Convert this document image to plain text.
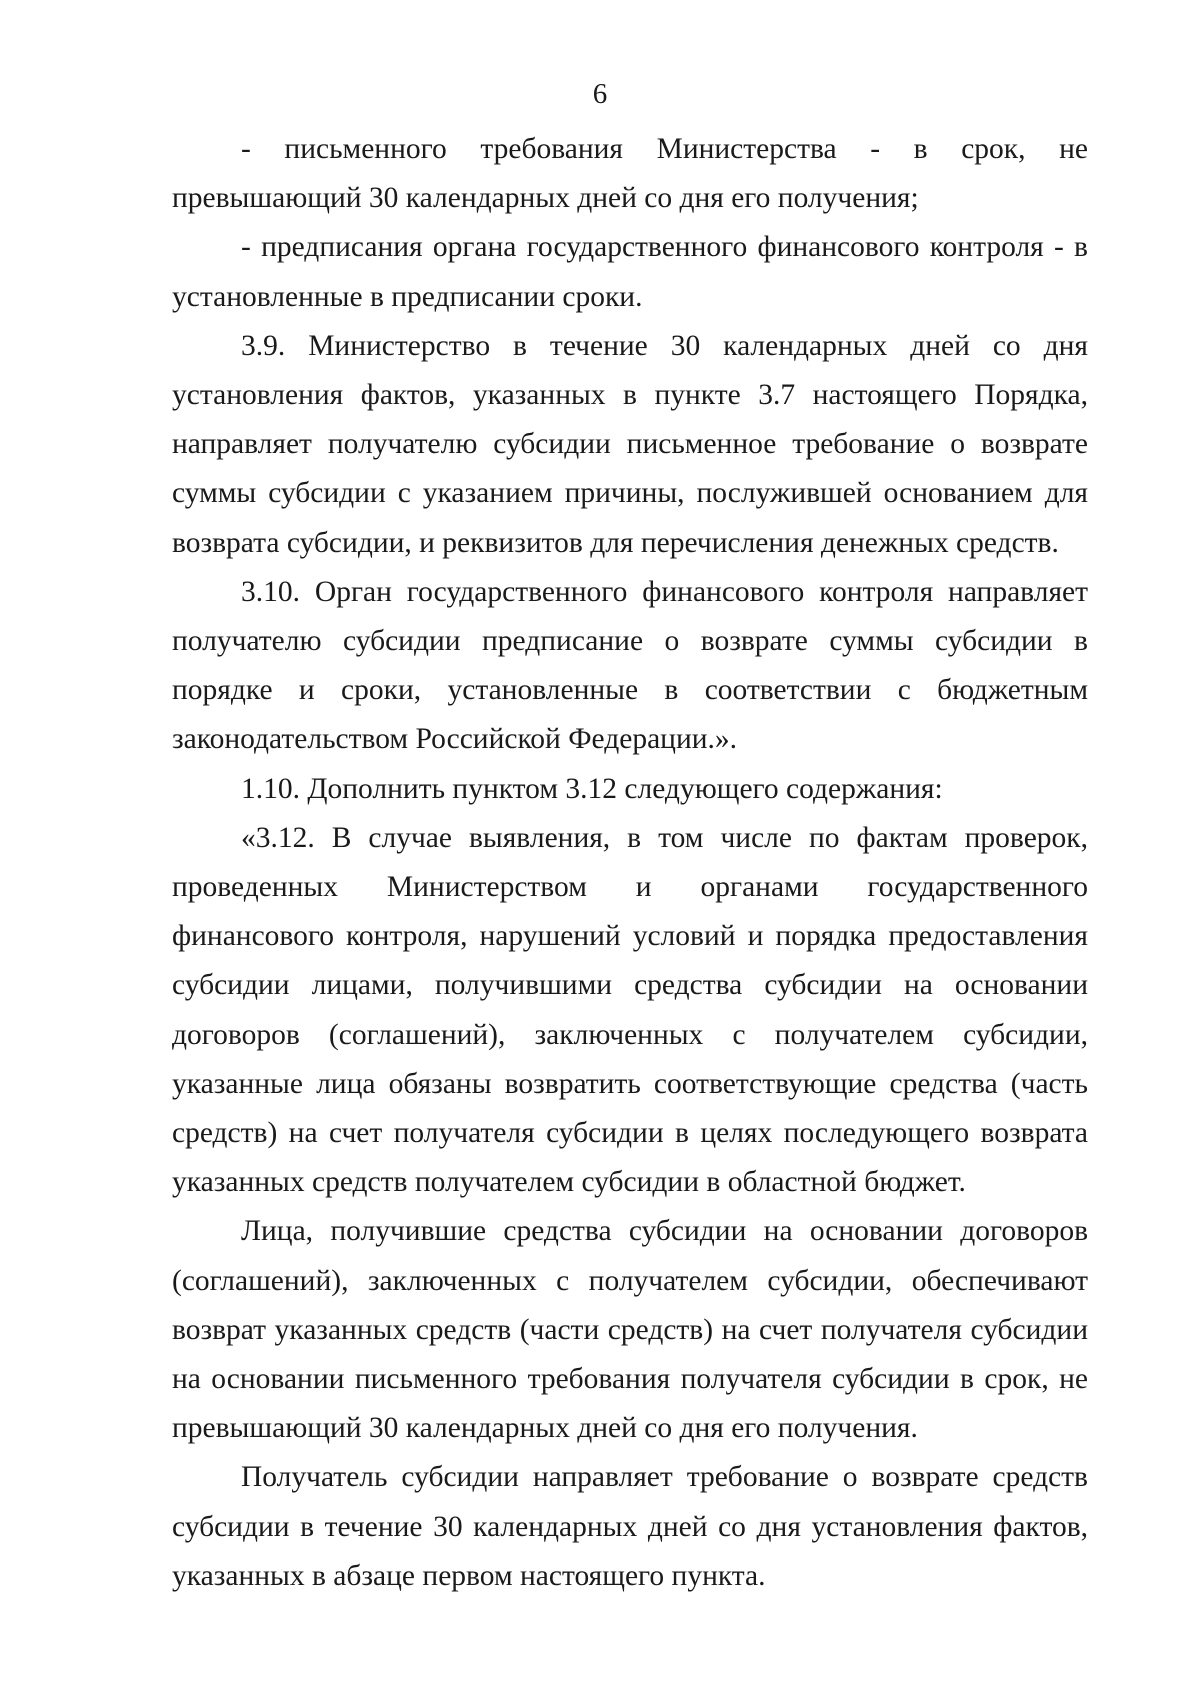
6

- письменного требования Министерства - в срок, не превышающий 30 календарных дней со дня его получения;

- предписания органа государственного финансового контроля - в установленные в предписании сроки.

3.9. Министерство в течение 30 календарных дней со дня установления фактов, указанных в пункте 3.7 настоящего Порядка, направляет получателю субсидии письменное требование о возврате суммы субсидии с указанием причины, послужившей основанием для возврата субсидии, и реквизитов для перечисления денежных средств.

3.10. Орган государственного финансового контроля направляет получателю субсидии предписание о возврате суммы субсидии в порядке и сроки, установленные в соответствии с бюджетным законодательством Российской Федерации.».

1.10. Дополнить пунктом 3.12 следующего содержания:

«3.12. В случае выявления, в том числе по фактам проверок, проведенных Министерством и органами государственного финансового контроля, нарушений условий и порядка предоставления субсидии лицами, получившими средства субсидии на основании договоров (соглашений), заключенных с получателем субсидии, указанные лица обязаны возвратить соответствующие средства (часть средств) на счет получателя субсидии в целях последующего возврата указанных средств получателем субсидии в областной бюджет.

Лица, получившие средства субсидии на основании договоров (соглашений), заключенных с получателем субсидии, обеспечивают возврат указанных средств (части средств) на счет получателя субсидии на основании письменного требования получателя субсидии в срок, не превышающий 30 календарных дней со дня его получения.

Получатель субсидии направляет требование о возврате средств субсидии в течение 30 календарных дней со дня установления фактов, указанных в абзаце первом настоящего пункта.
